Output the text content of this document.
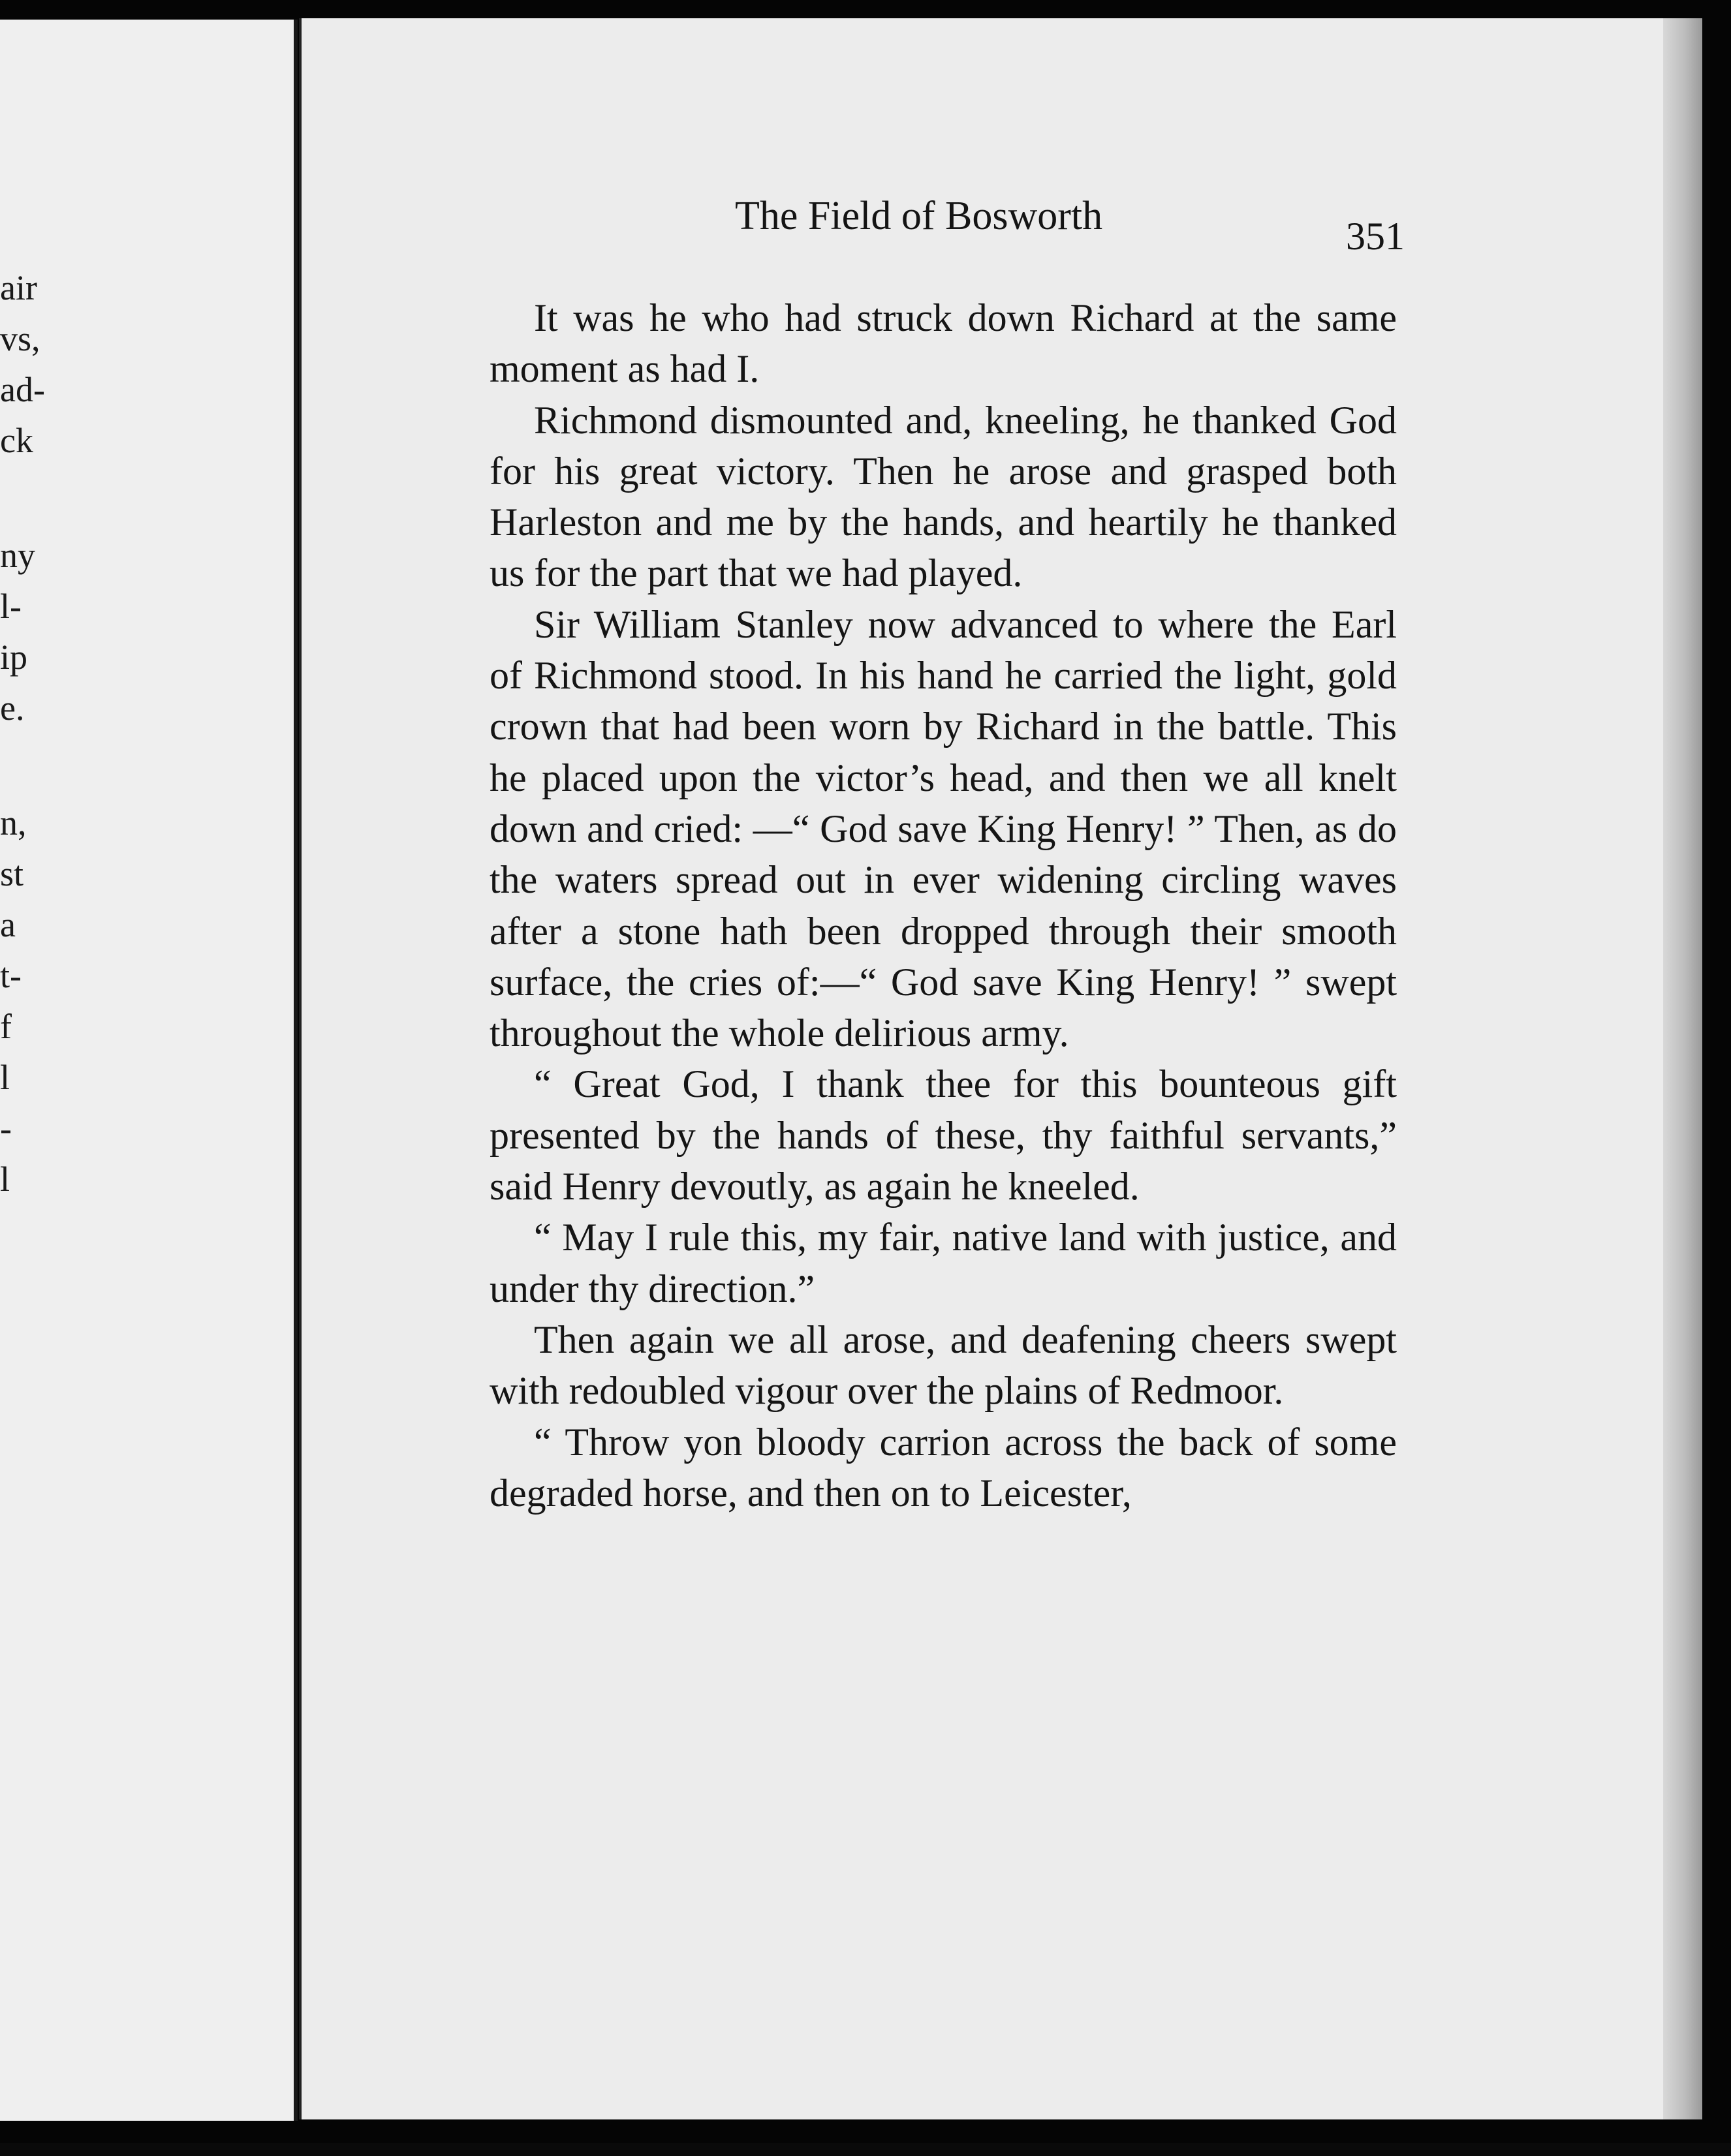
air
vs,
ad-
ck
ny
l-
ip
e.
n,
st
a
t-
f
l
-
l
The Field of Bosworth	351

It was he who had struck down Richard at the same moment as had I.

Richmond dismounted and, kneeling, he thanked God for his great victory. Then he arose and grasped both Harleston and me by the hands, and heartily he thanked us for the part that we had played.

Sir William Stanley now advanced to where the Earl of Richmond stood. In his hand he carried the light, gold crown that had been worn by Richard in the battle. This he placed upon the victor’s head, and then we all knelt down and cried: —“ God save King Henry! ” Then, as do the waters spread out in ever widening circling waves after a stone hath been dropped through their smooth surface, the cries of:—“ God save King Henry! ” swept throughout the whole delirious army.

“ Great God, I thank thee for this bounteous gift presented by the hands of these, thy faithful servants,” said Henry devoutly, as again he kneeled.

“ May I rule this, my fair, native land with justice, and under thy direction.”

Then again we all arose, and deafening cheers swept with redoubled vigour over the plains of Redmoor.

“ Throw yon bloody carrion across the back of some degraded horse, and then on to Leicester,
